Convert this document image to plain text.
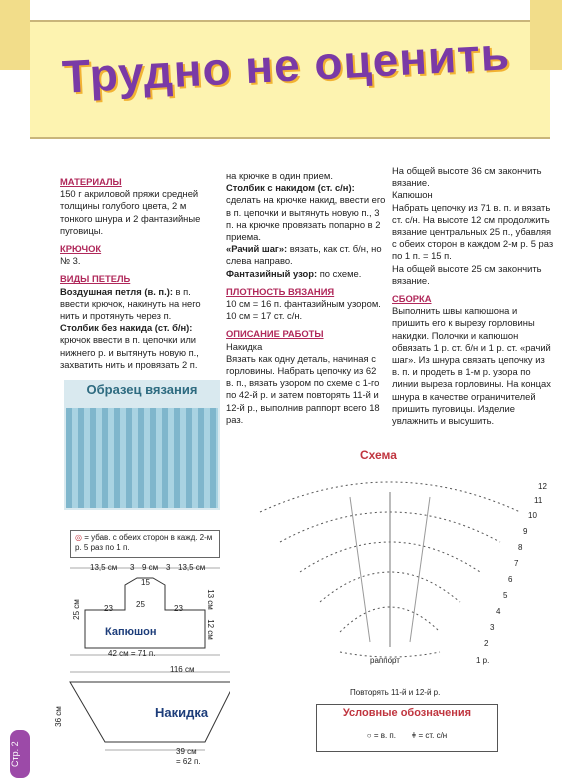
Трудно не оценить

МАТЕРИАЛЫ

150 г акриловой пряжи средней толщины голубого цвета, 2 м тонкого шнура и 2 фантазийные пуговицы.

КРЮЧОК

№ 3.

ВИДЫ ПЕТЕЛЬ

Воздушная петля (в. п.): в п. ввести крючок, накинуть на него нить и протянуть через п.

Столбик без накида (ст. б/н): крючок ввести в п. цепочки или нижнего р. и вытянуть новую п., захватить нить и провязать 2 п.

на крючке в один прием.

Столбик с накидом (ст. с/н): сделать на крючке накид, ввести его в п. цепочки и вытянуть новую п., 3 п. на крючке провязать попарно в 2 приема.

«Рачий шаг»: вязать, как ст. б/н, но слева направо.

Фантазийный узор: по схеме.

ПЛОТНОСТЬ ВЯЗАНИЯ

10 см = 16 п. фантазийным узором.

10 см = 17 ст. с/н.

ОПИСАНИЕ РАБОТЫ

Накидка

Вязать как одну деталь, начиная с горловины. Набрать цепочку из 62 в. п., вязать узором по схеме с 1-го по 42-й р. и затем повторять 11-й и 12-й р., выполнив раппорт всего 18 раз.

На общей высоте 36 см закончить вязание.

Капюшон

Набрать цепочку из 71 в. п. и вязать ст. с/н. На высоте 12 см продолжить вязание центральных 25 п., убавляя с обеих сторон в каждом 2-м р. 5 раз по 1 п. = 15 п.

На общей высоте 25 см закончить вязание.

СБОРКА

Выполнить швы капюшона и пришить его к вырезу горловины накидки. Полочки и капюшон обвязать 1 р. ст. б/н и 1 р. ст. «рачий шаг». Из шнура связать цепочку из в. п. и продеть в 1-м р. узора по линии выреза горловины. На концах шнура в качестве ограничителей пришить пуговицы. Изделие увлажнить и высушить.

Образец вязания
◎ = убав. с обеих сторон в кажд. 2-м р. 5 раз по 1 п.
13,5 см 3 9 см 3 13,5 см
15
23	23
25
25 см	13 см
12 см
Капюшон
42 см = 71 п.
116 см
Накидка
36 см
39 см
= 62 п.
Схема
12
11
10
9
8
7
6
5
4
3
2
1 р.
раппорт
Повторять 11-й и 12-й р.
Условные обозначения
○ = в. п. ǂ = ст. с/н
Стр. 2
